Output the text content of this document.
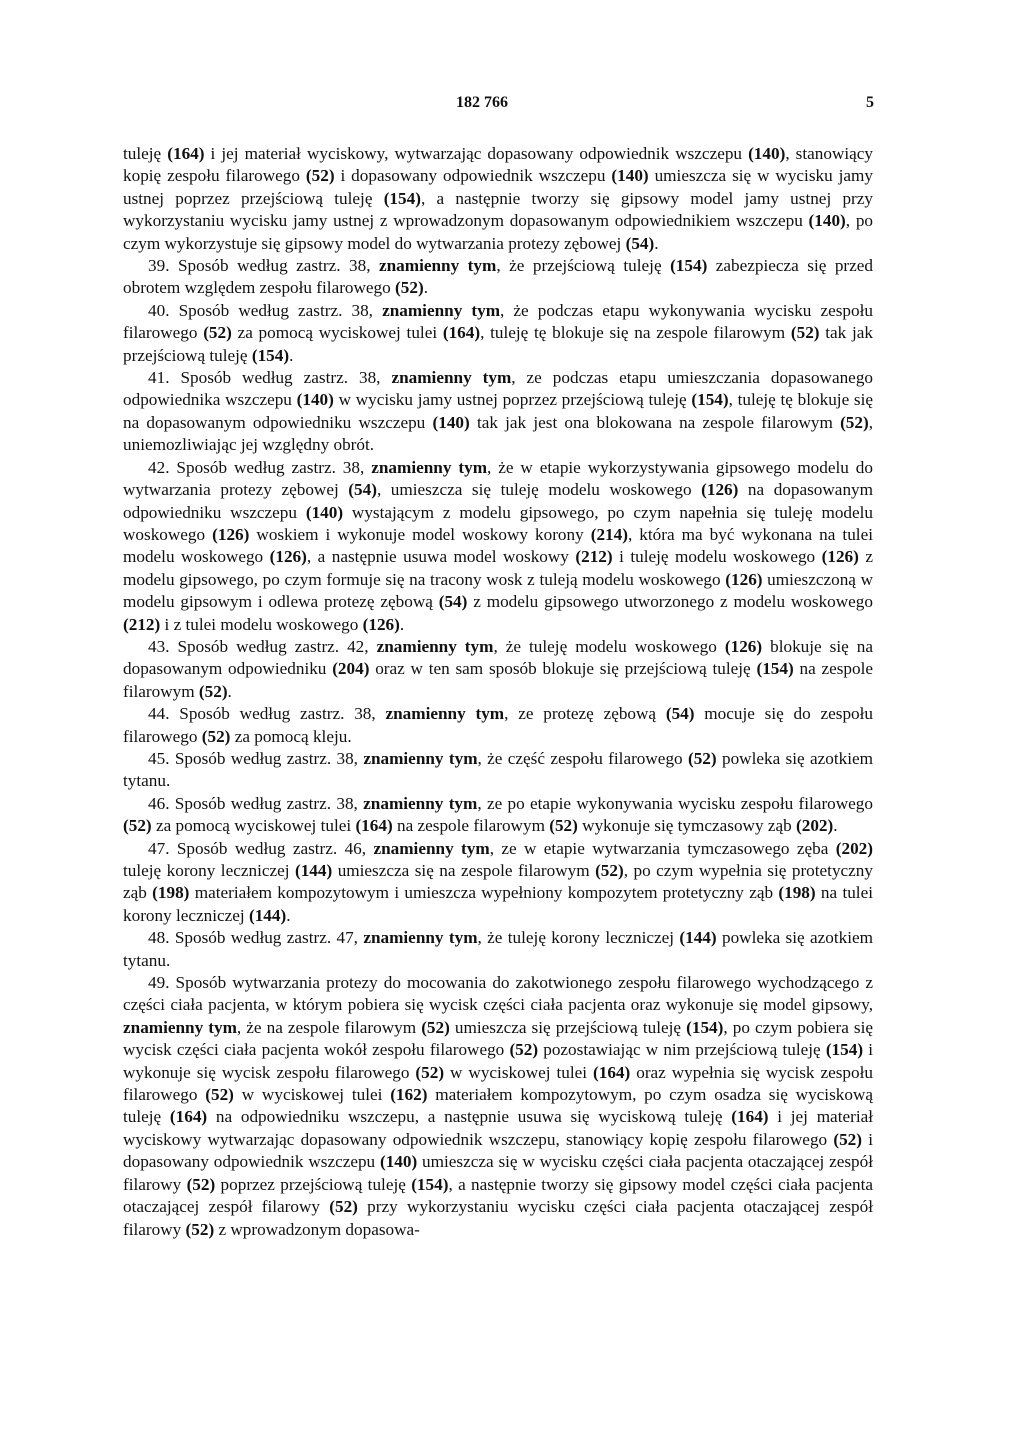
182 766	5

tuleję (164) i jej materiał wyciskowy, wytwarzając dopasowany odpowiednik wszczepu (140), stanowiący kopię zespołu filarowego (52) i dopasowany odpowiednik wszczepu (140) umieszcza się w wycisku jamy ustnej poprzez przejściową tuleję (154), a następnie tworzy się gipsowy model jamy ustnej przy wykorzystaniu wycisku jamy ustnej z wprowadzonym dopasowanym odpowiednikiem wszczepu (140), po czym wykorzystuje się gipsowy model do wytwarzania protezy zębowej (54).

39. Sposób według zastrz. 38, znamienny tym, że przejściową tuleję (154) zabezpiecza się przed obrotem względem zespołu filarowego (52).

40. Sposób według zastrz. 38, znamienny tym, że podczas etapu wykonywania wycisku zespołu filarowego (52) za pomocą wyciskowej tulei (164), tuleję tę blokuje się na zespole filarowym (52) tak jak przejściową tuleję (154).

41. Sposób według zastrz. 38, znamienny tym, ze podczas etapu umieszczania dopasowanego odpowiednika wszczepu (140) w wycisku jamy ustnej poprzez przejściową tuleję (154), tuleję tę blokuje się na dopasowanym odpowiedniku wszczepu (140) tak jak jest ona blokowana na zespole filarowym (52), uniemozliwiając jej względny obrót.

42. Sposób według zastrz. 38, znamienny tym, że w etapie wykorzystywania gipsowego modelu do wytwarzania protezy zębowej (54), umieszcza się tuleję modelu woskowego (126) na dopasowanym odpowiedniku wszczepu (140) wystającym z modelu gipsowego, po czym napełnia się tuleję modelu woskowego (126) woskiem i wykonuje model woskowy korony (214), która ma być wykonana na tulei modelu woskowego (126), a następnie usuwa model woskowy (212) i tuleję modelu woskowego (126) z modelu gipsowego, po czym formuje się na tracony wosk z tuleją modelu woskowego (126) umieszczoną w modelu gipsowym i odlewa protezę zębową (54) z modelu gipsowego utworzonego z modelu woskowego (212) i z tulei modelu woskowego (126).

43. Sposób według zastrz. 42, znamienny tym, że tuleję modelu woskowego (126) blokuje się na dopasowanym odpowiedniku (204) oraz w ten sam sposób blokuje się przejściową tuleję (154) na zespole filarowym (52).

44. Sposób według zastrz. 38, znamienny tym, ze protezę zębową (54) mocuje się do zespołu filarowego (52) za pomocą kleju.

45. Sposób według zastrz. 38, znamienny tym, że część zespołu filarowego (52) powleka się azotkiem tytanu.

46. Sposób według zastrz. 38, znamienny tym, ze po etapie wykonywania wycisku zespołu filarowego (52) za pomocą wyciskowej tulei (164) na zespole filarowym (52) wykonuje się tymczasowy ząb (202).

47. Sposób według zastrz. 46, znamienny tym, ze w etapie wytwarzania tymczasowego zęba (202) tuleję korony leczniczej (144) umieszcza się na zespole filarowym (52), po czym wypełnia się protetyczny ząb (198) materiałem kompozytowym i umieszcza wypełniony kompozytem protetyczny ząb (198) na tulei korony leczniczej (144).

48. Sposób według zastrz. 47, znamienny tym, że tuleję korony leczniczej (144) powleka się azotkiem tytanu.

49. Sposób wytwarzania protezy do mocowania do zakotwionego zespołu filarowego wychodzącego z części ciała pacjenta, w którym pobiera się wycisk części ciała pacjenta oraz wykonuje się model gipsowy, znamienny tym, że na zespole filarowym (52) umieszcza się przejściową tuleję (154), po czym pobiera się wycisk części ciała pacjenta wokół zespołu filarowego (52) pozostawiając w nim przejściową tuleję (154) i wykonuje się wycisk zespołu filarowego (52) w wyciskowej tulei (164) oraz wypełnia się wycisk zespołu filarowego (52) w wyciskowej tulei (162) materiałem kompozytowym, po czym osadza się wyciskową tuleję (164) na odpowiedniku wszczepu, a następnie usuwa się wyciskową tuleję (164) i jej materiał wyciskowy wytwarzając dopasowany odpowiednik wszczepu, stanowiący kopię zespołu filarowego (52) i dopasowany odpowiednik wszczepu (140) umieszcza się w wycisku części ciała pacjenta otaczającej zespół filarowy (52) poprzez przejściową tuleję (154), a następnie tworzy się gipsowy model części ciała pacjenta otaczającej zespół filarowy (52) przy wykorzystaniu wycisku części ciała pacjenta otaczającej zespół filarowy (52) z wprowadzonym dopasowa-
